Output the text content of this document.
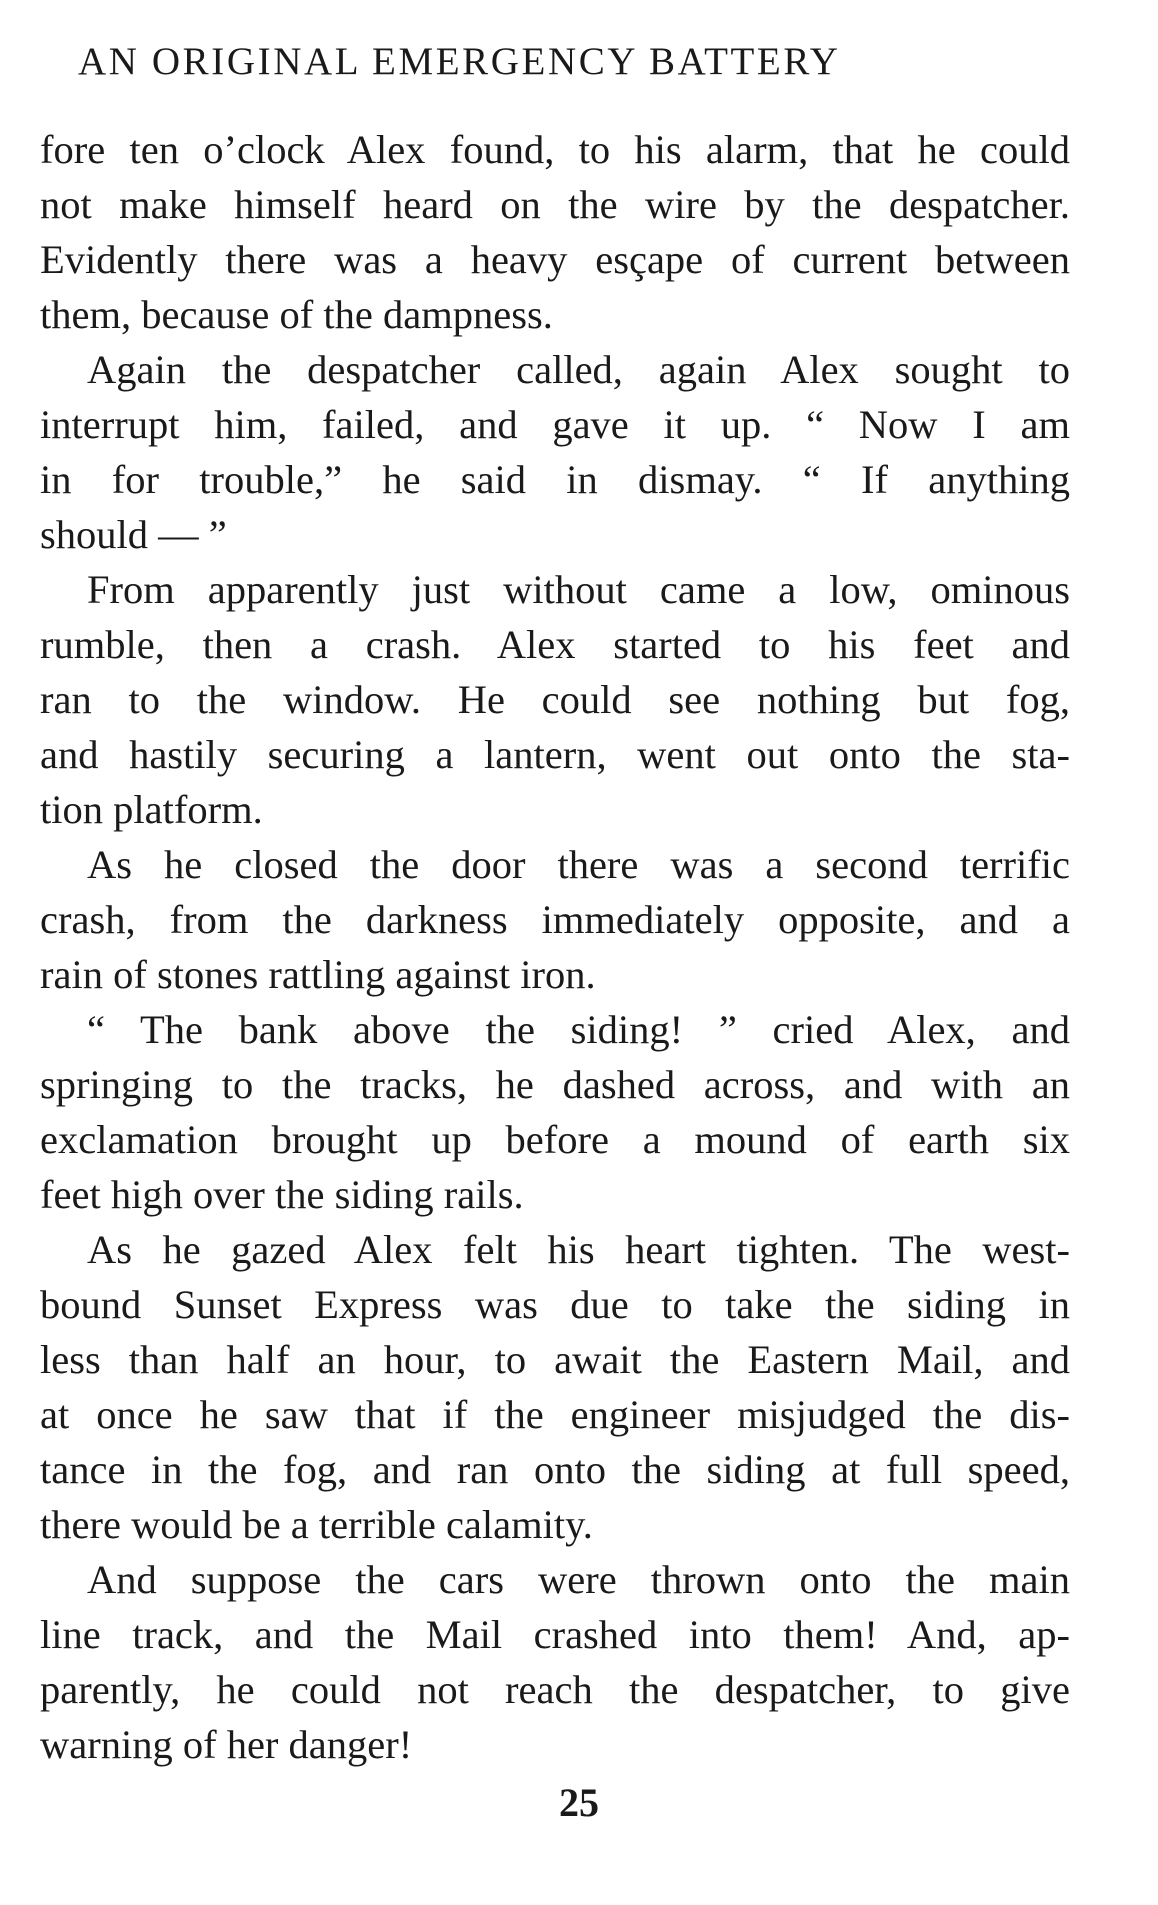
AN ORIGINAL EMERGENCY BATTERY
fore ten o’clock Alex found, to his alarm, that he could
not make himself heard on the wire by the despatcher.
Evidently there was a heavy esçape of current between
them, because of the dampness.
Again the despatcher called, again Alex sought to
interrupt him, failed, and gave it up. “ Now I am
in for trouble,” he said in dismay. “ If anything
should — ”
From apparently just without came a low, ominous
rumble, then a crash. Alex started to his feet and
ran to the window. He could see nothing but fog,
and hastily securing a lantern, went out onto the sta-
tion platform.
As he closed the door there was a second terrific
crash, from the darkness immediately opposite, and a
rain of stones rattling against iron.
“ The bank above the siding! ” cried Alex, and
springing to the tracks, he dashed across, and with an
exclamation brought up before a mound of earth six
feet high over the siding rails.
As he gazed Alex felt his heart tighten. The west-
bound Sunset Express was due to take the siding in
less than half an hour, to await the Eastern Mail, and
at once he saw that if the engineer misjudged the dis-
tance in the fog, and ran onto the siding at full speed,
there would be a terrible calamity.
And suppose the cars were thrown onto the main
line track, and the Mail crashed into them! And, ap-
parently, he could not reach the despatcher, to give
warning of her danger!
25
